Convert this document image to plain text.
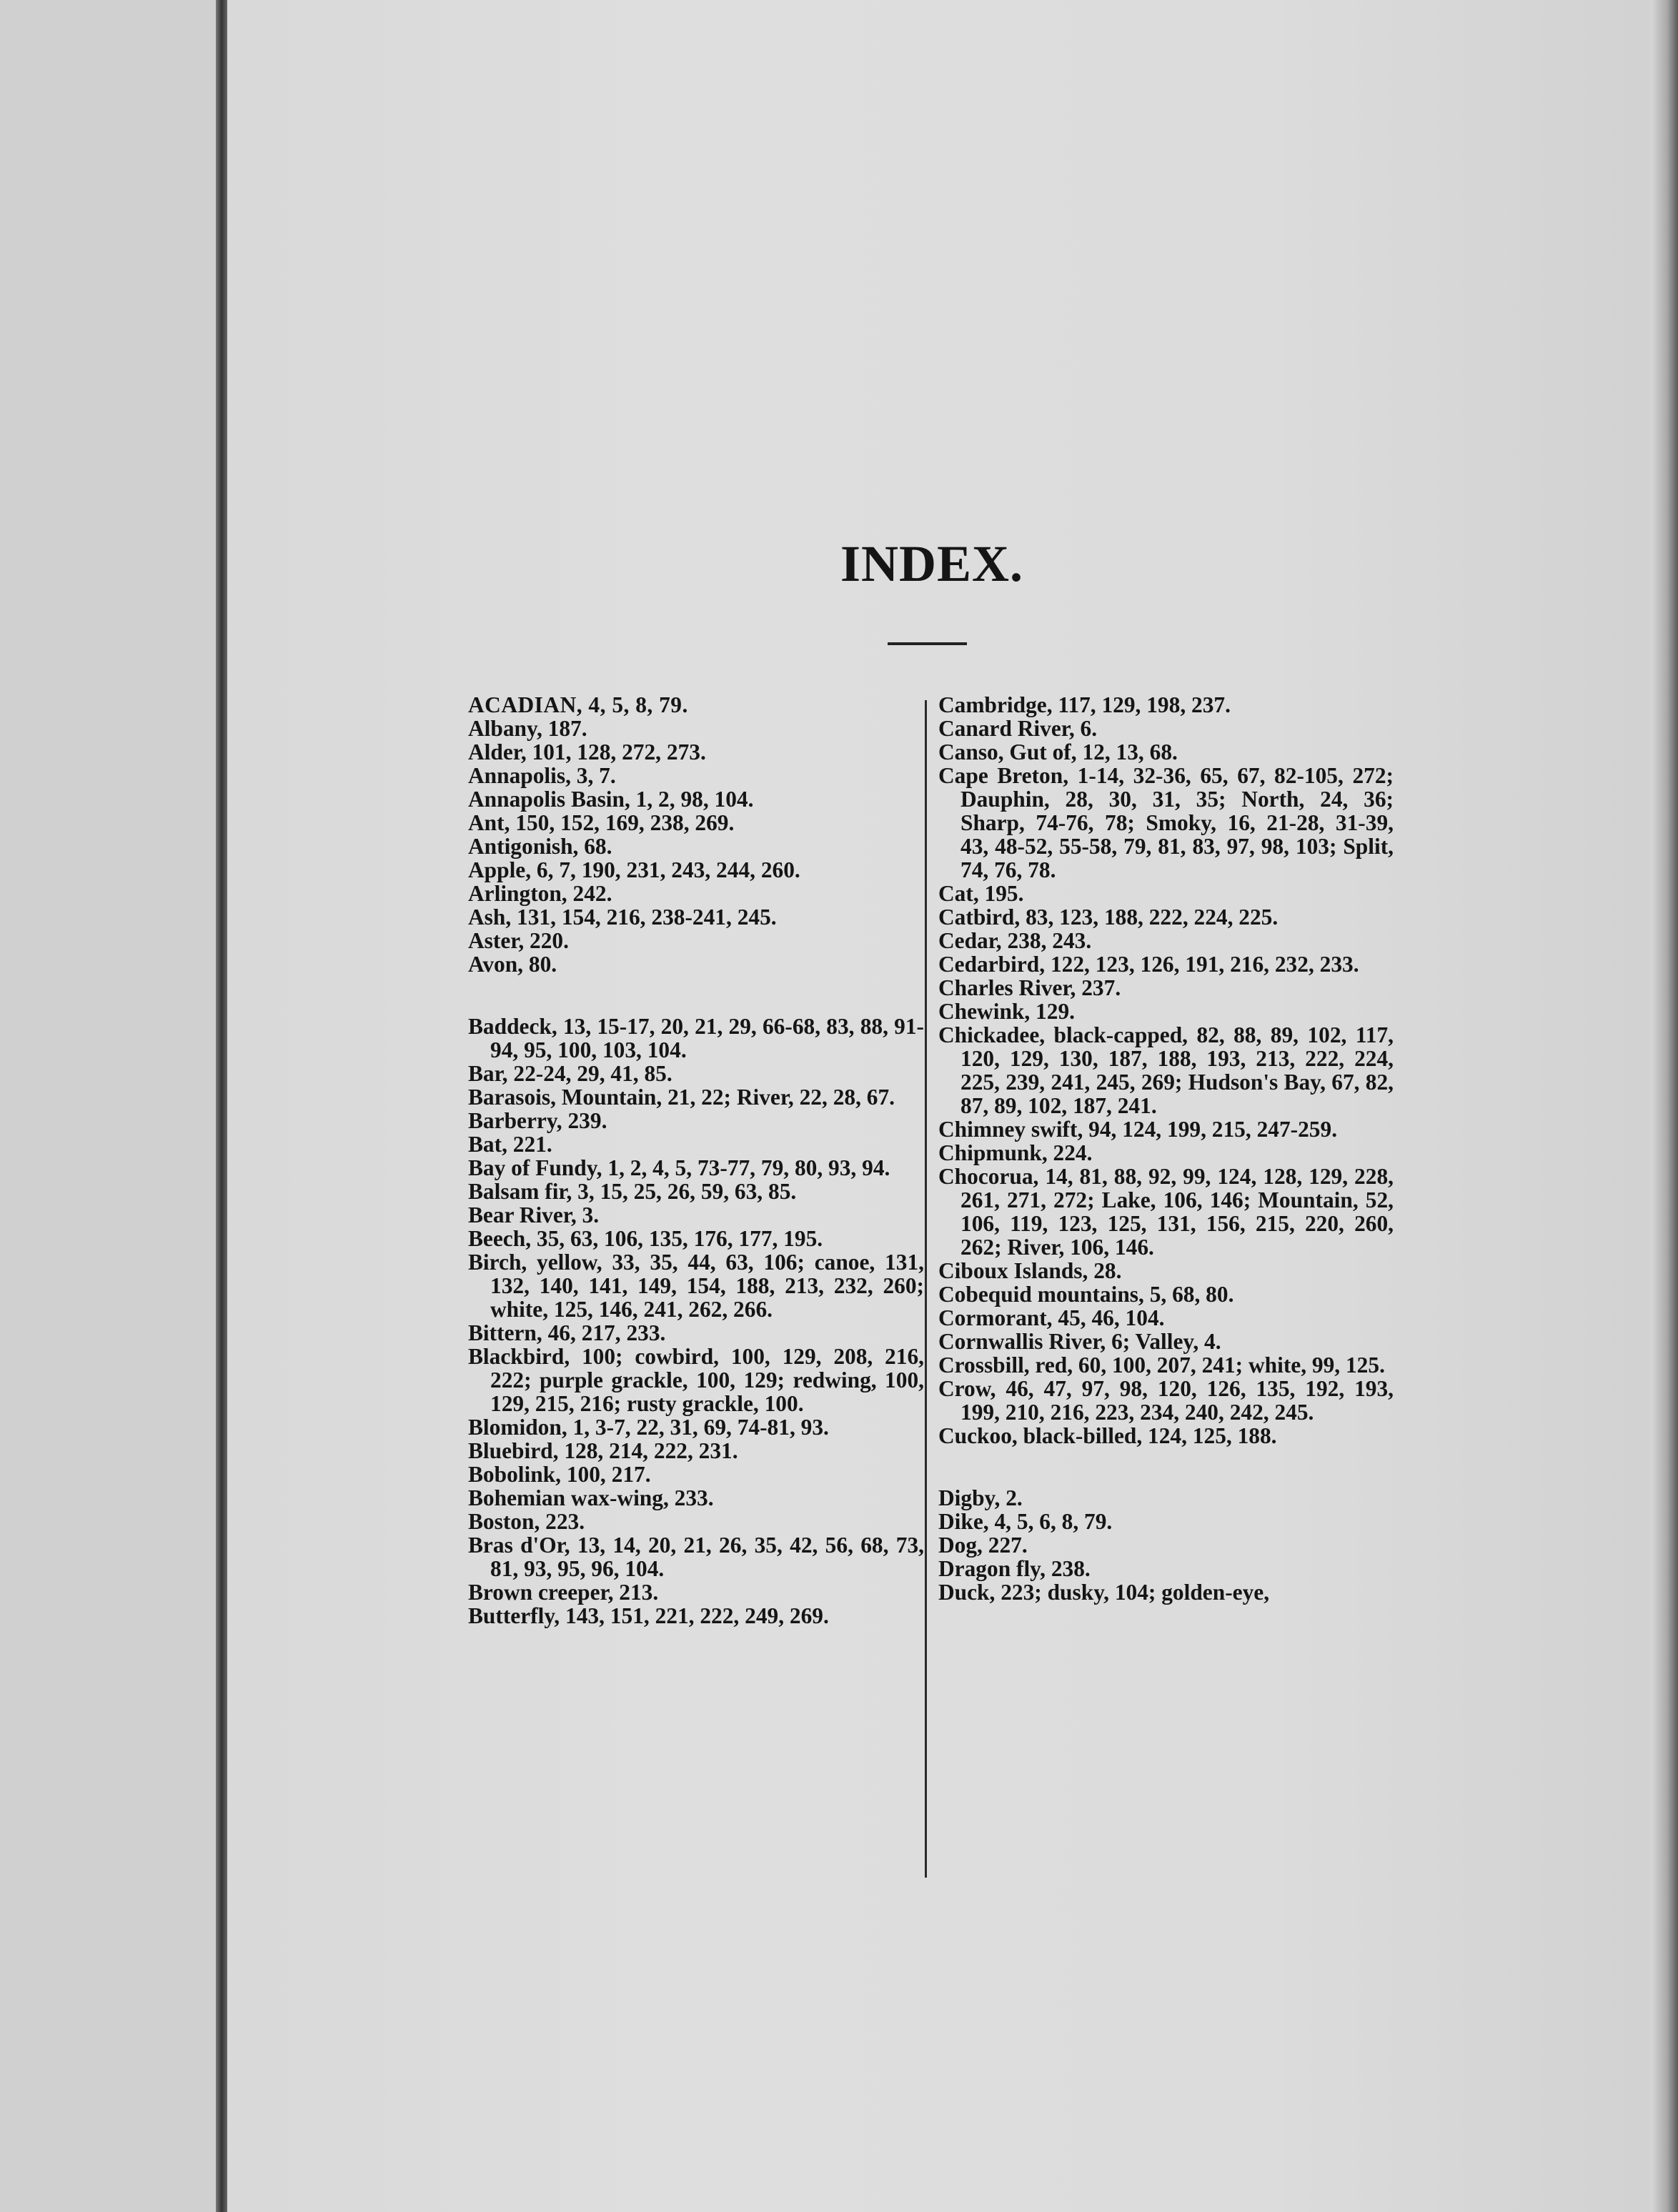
INDEX.

ACADIAN, 4, 5, 8, 79.

Albany, 187.

Alder, 101, 128, 272, 273.

Annapolis, 3, 7.

Annapolis Basin, 1, 2, 98, 104.

Ant, 150, 152, 169, 238, 269.

Antigonish, 68.

Apple, 6, 7, 190, 231, 243, 244, 260.

Arlington, 242.

Ash, 131, 154, 216, 238-241, 245.

Aster, 220.

Avon, 80.

Baddeck, 13, 15-17, 20, 21, 29, 66-68, 83, 88, 91-94, 95, 100, 103, 104.

Bar, 22-24, 29, 41, 85.

Barasois, Mountain, 21, 22; River, 22, 28, 67.

Barberry, 239.

Bat, 221.

Bay of Fundy, 1, 2, 4, 5, 73-77, 79, 80, 93, 94.

Balsam fir, 3, 15, 25, 26, 59, 63, 85.

Bear River, 3.

Beech, 35, 63, 106, 135, 176, 177, 195.

Birch, yellow, 33, 35, 44, 63, 106; canoe, 131, 132, 140, 141, 149, 154, 188, 213, 232, 260; white, 125, 146, 241, 262, 266.

Bittern, 46, 217, 233.

Blackbird, 100; cowbird, 100, 129, 208, 216, 222; purple grackle, 100, 129; redwing, 100, 129, 215, 216; rusty grackle, 100.

Blomidon, 1, 3-7, 22, 31, 69, 74-81, 93.

Bluebird, 128, 214, 222, 231.

Bobolink, 100, 217.

Bohemian wax-wing, 233.

Boston, 223.

Bras d'Or, 13, 14, 20, 21, 26, 35, 42, 56, 68, 73, 81, 93, 95, 96, 104.

Brown creeper, 213.

Butterfly, 143, 151, 221, 222, 249, 269.

Cambridge, 117, 129, 198, 237.

Canard River, 6.

Canso, Gut of, 12, 13, 68.

Cape Breton, 1-14, 32-36, 65, 67, 82-105, 272; Dauphin, 28, 30, 31, 35; North, 24, 36; Sharp, 74-76, 78; Smoky, 16, 21-28, 31-39, 43, 48-52, 55-58, 79, 81, 83, 97, 98, 103; Split, 74, 76, 78.

Cat, 195.

Catbird, 83, 123, 188, 222, 224, 225.

Cedar, 238, 243.

Cedarbird, 122, 123, 126, 191, 216, 232, 233.

Charles River, 237.

Chewink, 129.

Chickadee, black-capped, 82, 88, 89, 102, 117, 120, 129, 130, 187, 188, 193, 213, 222, 224, 225, 239, 241, 245, 269; Hudson's Bay, 67, 82, 87, 89, 102, 187, 241.

Chimney swift, 94, 124, 199, 215, 247-259.

Chipmunk, 224.

Chocorua, 14, 81, 88, 92, 99, 124, 128, 129, 228, 261, 271, 272; Lake, 106, 146; Mountain, 52, 106, 119, 123, 125, 131, 156, 215, 220, 260, 262; River, 106, 146.

Ciboux Islands, 28.

Cobequid mountains, 5, 68, 80.

Cormorant, 45, 46, 104.

Cornwallis River, 6; Valley, 4.

Crossbill, red, 60, 100, 207, 241; white, 99, 125.

Crow, 46, 47, 97, 98, 120, 126, 135, 192, 193, 199, 210, 216, 223, 234, 240, 242, 245.

Cuckoo, black-billed, 124, 125, 188.

Digby, 2.

Dike, 4, 5, 6, 8, 79.

Dog, 227.

Dragon fly, 238.

Duck, 223; dusky, 104; golden-eye,
